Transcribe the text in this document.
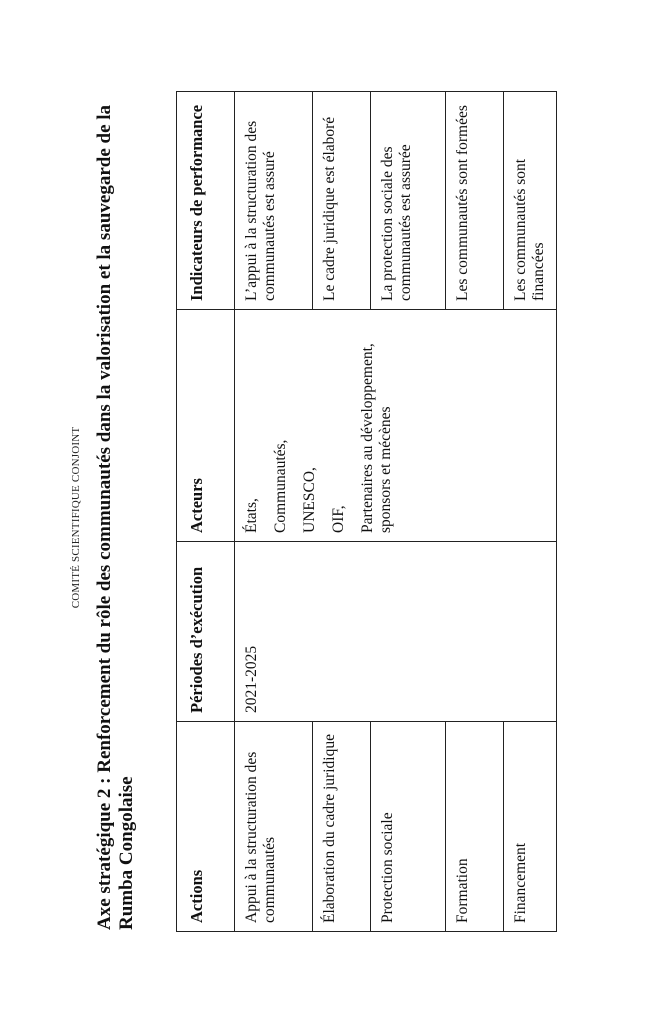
COMITÉ SCIENTIFIQUE CONJOINT Axe stratégique 2 : Renforcement du rôle des communautés dans la valorisation et la sauvegarde de la Rumba Congolaise	Actions	Périodes d’exécution	Acteurs	Indicateurs de performance
Appui à la structuration des communautés	2021-2025	États, Communautés, UNESCO, OIF, Partenaires au développement, sponsors et mécènes	L’appui à la structuration des communautés est assuré
Élaboration du cadre juridique			Le cadre juridique est élaboré
Protection sociale			La protection sociale des communautés est assurée
Formation			Les communautés sont formées
Financement			Les communautés sont financées
